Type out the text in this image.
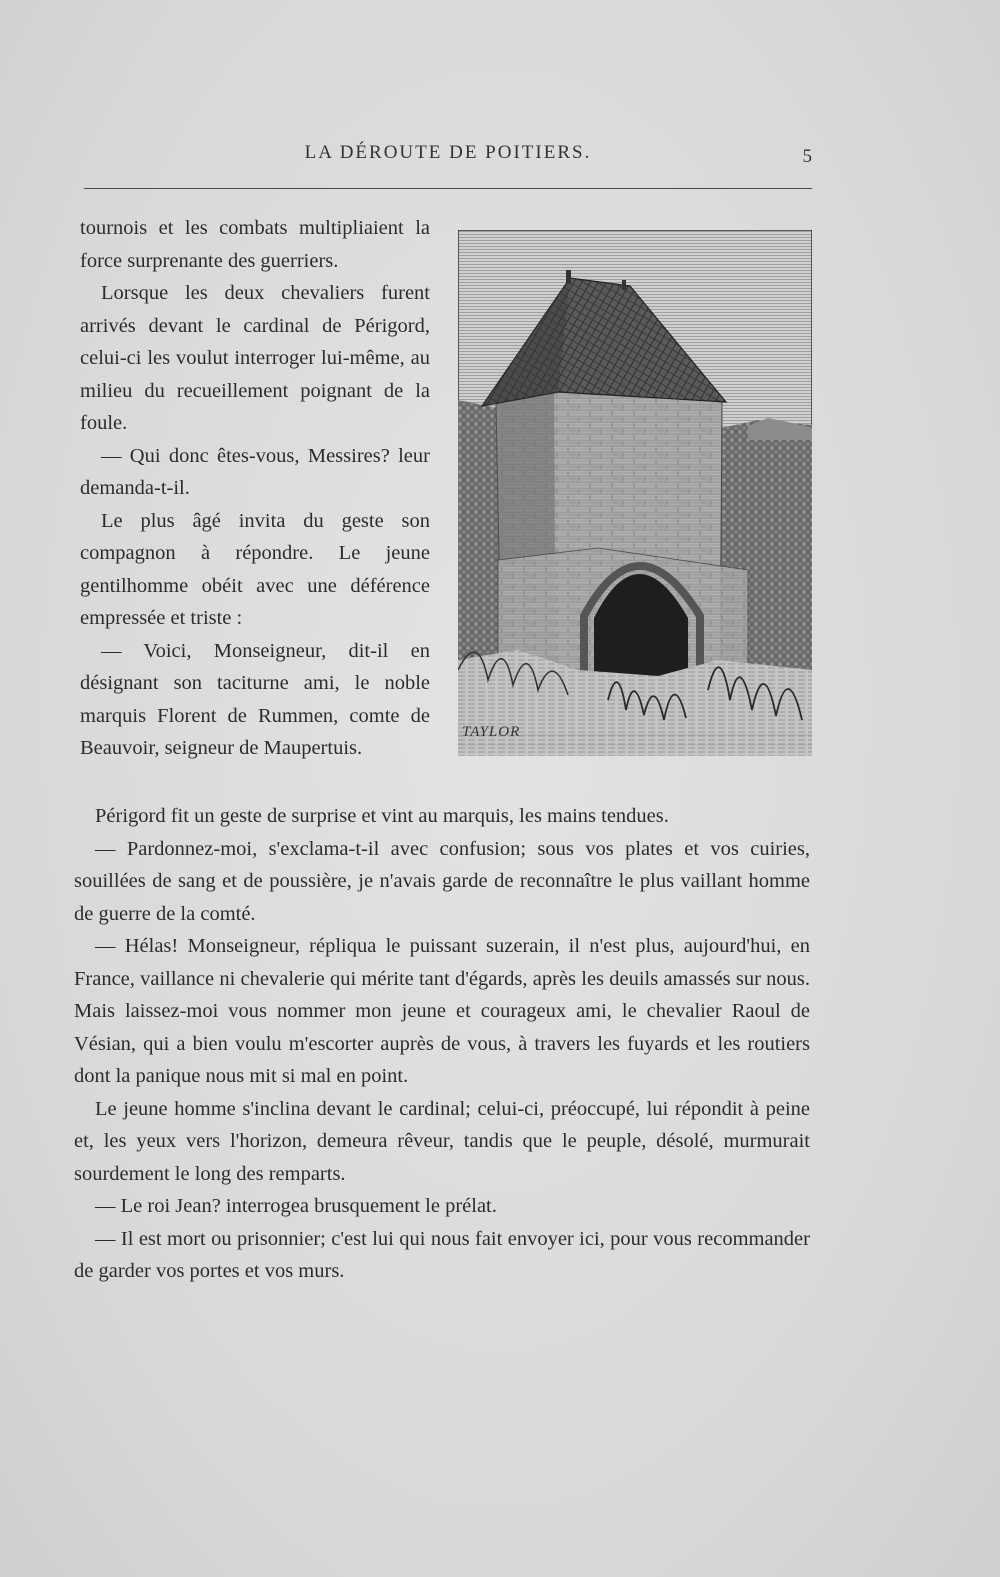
LA DÉROUTE DE POITIERS.	5

tournois et les combats multipliaient la force surprenante des guerriers.

Lorsque les deux chevaliers furent arrivés devant le cardinal de Périgord, celui-ci les voulut interroger lui-même, au milieu du recueillement poignant de la foule.

— Qui donc êtes-vous, Messires? leur demanda-t-il.

Le plus âgé invita du geste son compagnon à répondre. Le jeune gentilhomme obéit avec une déférence empressée et triste :

— Voici, Monseigneur, dit-il en désignant son taciturne ami, le noble marquis Florent de Rummen, comte de Beauvoir, seigneur de Maupertuis.

TAYLOR

Périgord fit un geste de surprise et vint au marquis, les mains tendues.

— Pardonnez-moi, s'exclama-t-il avec confusion; sous vos plates et vos cuiries, souillées de sang et de poussière, je n'avais garde de reconnaître le plus vaillant homme de guerre de la comté.

— Hélas! Monseigneur, répliqua le puissant suzerain, il n'est plus, aujourd'hui, en France, vaillance ni chevalerie qui mérite tant d'égards, après les deuils amassés sur nous. Mais laissez-moi vous nommer mon jeune et courageux ami, le chevalier Raoul de Vésian, qui a bien voulu m'escorter auprès de vous, à travers les fuyards et les routiers dont la panique nous mit si mal en point.

Le jeune homme s'inclina devant le cardinal; celui-ci, préoccupé, lui répondit à peine et, les yeux vers l'horizon, demeura rêveur, tandis que le peuple, désolé, murmurait sourdement le long des remparts.

— Le roi Jean? interrogea brusquement le prélat.

— Il est mort ou prisonnier; c'est lui qui nous fait envoyer ici, pour vous recommander de garder vos portes et vos murs.
